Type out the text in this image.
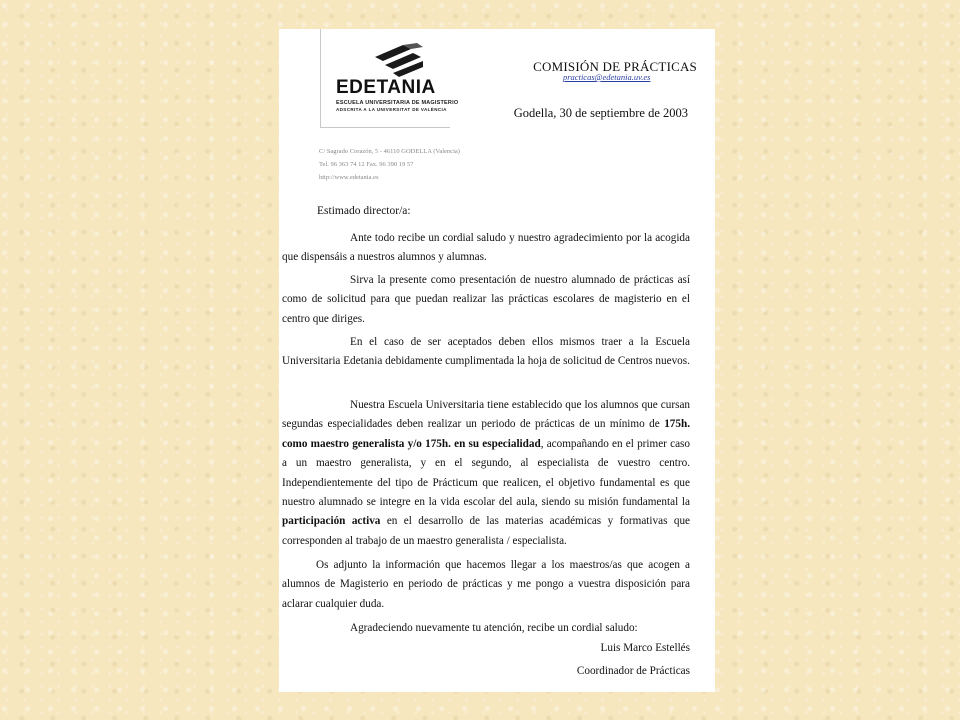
EDETANIA
ESCUELA UNIVERSITARIA DE MAGISTERIO
ADSCRITA A LA UNIVERSITAT DE VALÈNCIA
COMISIÓN DE PRÁCTICAS
practicas@edetania.uv.es
Godella, 30 de septiembre de 2003
C/ Sagrado Corazón, 5 - 46110 GODELLA (Valencia)
Tel. 96 363 74 12 Fax. 96 390 19 57
http://www.edetania.es
Estimado director/a:

Ante todo recibe un cordial saludo y nuestro agradecimiento por la acogida que dispensáis a nuestros alumnos y alumnas.

Sirva la presente como presentación de nuestro alumnado de prácticas así como de solicitud para que puedan realizar las prácticas escolares de magisterio en el centro que diriges.

En el caso de ser aceptados deben ellos mismos traer a la Escuela Universitaria Edetania debidamente cumplimentada la hoja de solicitud de Centros nuevos.

Nuestra Escuela Universitaria tiene establecido que los alumnos que cursan segundas especialidades deben realizar un periodo de prácticas de un mínimo de 175h. como maestro generalista y/o 175h. en su especialidad, acompañando en el primer caso a un maestro generalista, y en el segundo, al especialista de vuestro centro. Independientemente del tipo de Prácticum que realicen, el objetivo fundamental es que nuestro alumnado se integre en la vida escolar del aula, siendo su misión fundamental la participación activa en el desarrollo de las materias académicas y formativas que corresponden al trabajo de un maestro generalista / especialista.

Os adjunto la información que hacemos llegar a los maestros/as que acogen a alumnos de Magisterio en periodo de prácticas y me pongo a vuestra disposición para aclarar cualquier duda.

Agradeciendo nuevamente tu atención, recibe un cordial saludo:

Luis Marco Estellés
Coordinador de Prácticas
